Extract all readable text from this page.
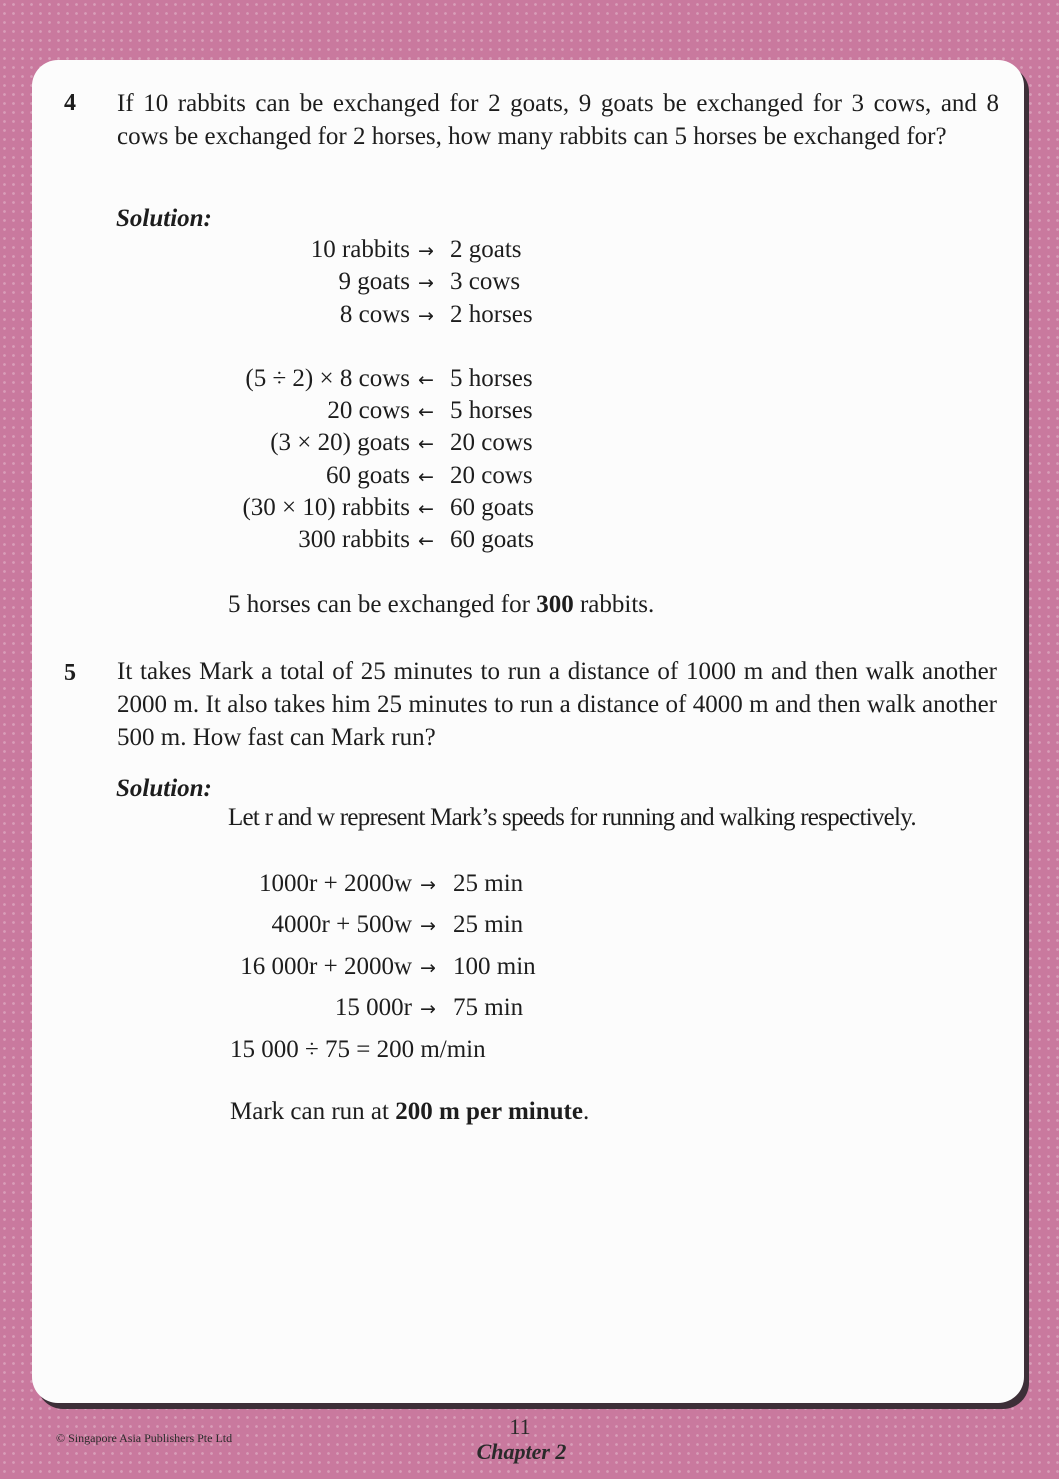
4 If 10 rabbits can be exchanged for 2 goats, 9 goats be exchanged for 3 cows, and 8 cows be exchanged for 2 horses, how many rabbits can 5 horses be exchanged for?
Solution:
10 rabbits → 2 goats
9 goats → 3 cows
8 cows → 2 horses
(5 ÷ 2) × 8 cows ← 5 horses
20 cows ← 5 horses
(3 × 20) goats ← 20 cows
60 goats ← 20 cows
(30 × 10) rabbits ← 60 goats
300 rabbits ← 60 goats
5 horses can be exchanged for 300 rabbits.
5 It takes Mark a total of 25 minutes to run a distance of 1000 m and then walk another 2000 m. It also takes him 25 minutes to run a distance of 4000 m and then walk another 500 m. How fast can Mark run?
Solution:
Let r and w represent Mark’s speeds for running and walking respectively.
1000r + 2000w → 25 min
4000r + 500w → 25 min
16 000r + 2000w → 100 min
15 000r → 75 min
15 000 ÷ 75 = 200 m/min
Mark can run at 200 m per minute.
© Singapore Asia Publishers Pte Ltd	11
Chapter 2
